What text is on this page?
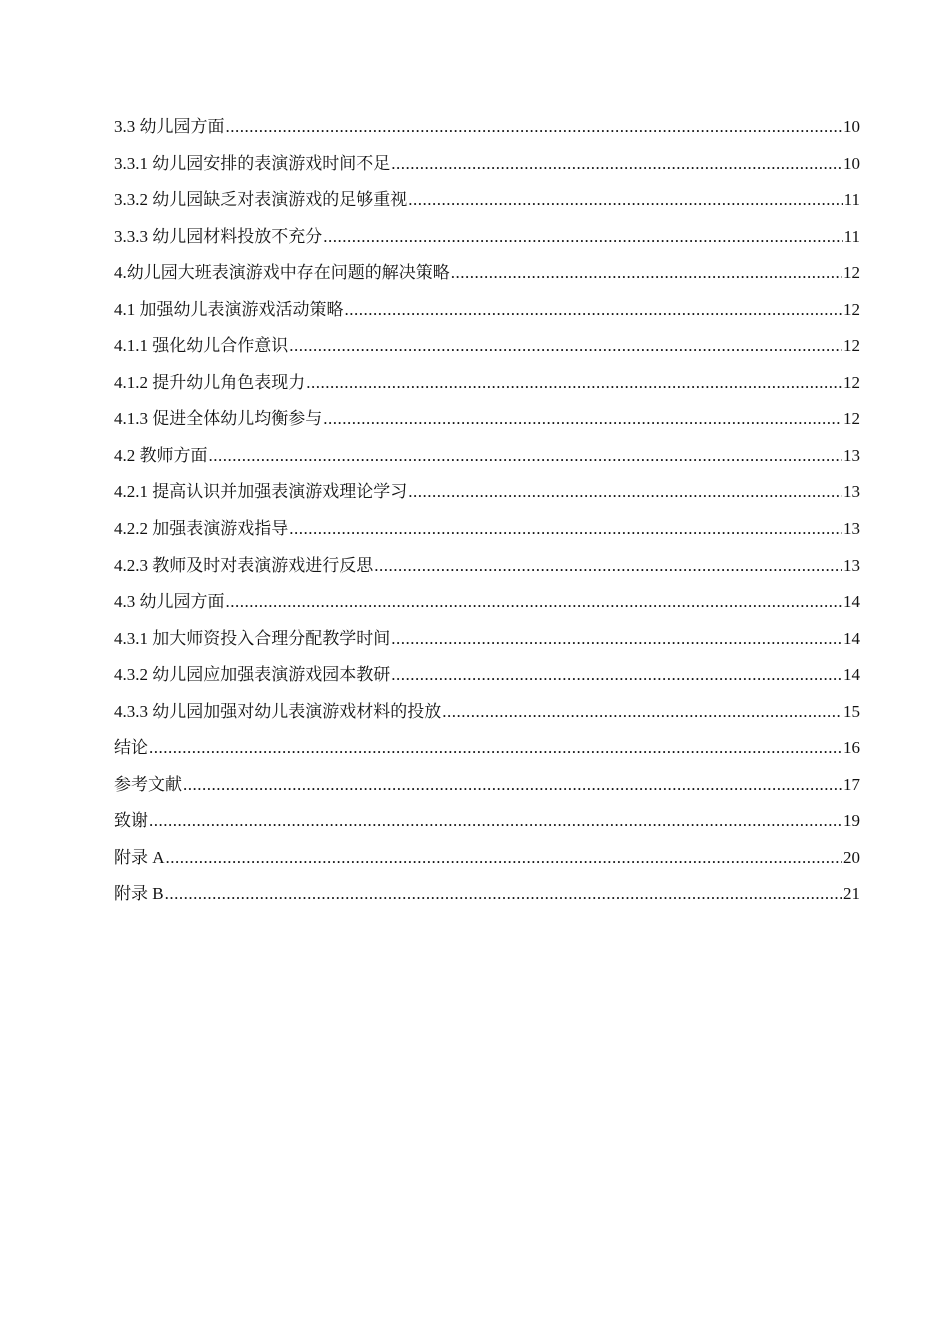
3.3 幼儿园方面 .....	10
3.3.1 幼儿园安排的表演游戏时间不足 .....	10
3.3.2 幼儿园缺乏对表演游戏的足够重视 .....	11
3.3.3 幼儿园材料投放不充分 .....	11
4.幼儿园大班表演游戏中存在问题的解决策略 .....	12
4.1 加强幼儿表演游戏活动策略 .....	12
4.1.1 强化幼儿合作意识 .....	12
4.1.2 提升幼儿角色表现力 .....	12
4.1.3 促进全体幼儿均衡参与 .....	12
4.2 教师方面 .....	13
4.2.1 提高认识并加强表演游戏理论学习 .....	13
4.2.2 加强表演游戏指导 .....	13
4.2.3 教师及时对表演游戏进行反思 .....	13
4.3 幼儿园方面 .....	14
4.3.1 加大师资投入合理分配教学时间 .....	14
4.3.2 幼儿园应加强表演游戏园本教研 .....	14
4.3.3 幼儿园加强对幼儿表演游戏材料的投放 .....	15
结论 .....	16
参考文献 .....	17
致谢 .....	19
附录 A .....	20
附录 B .....	21
